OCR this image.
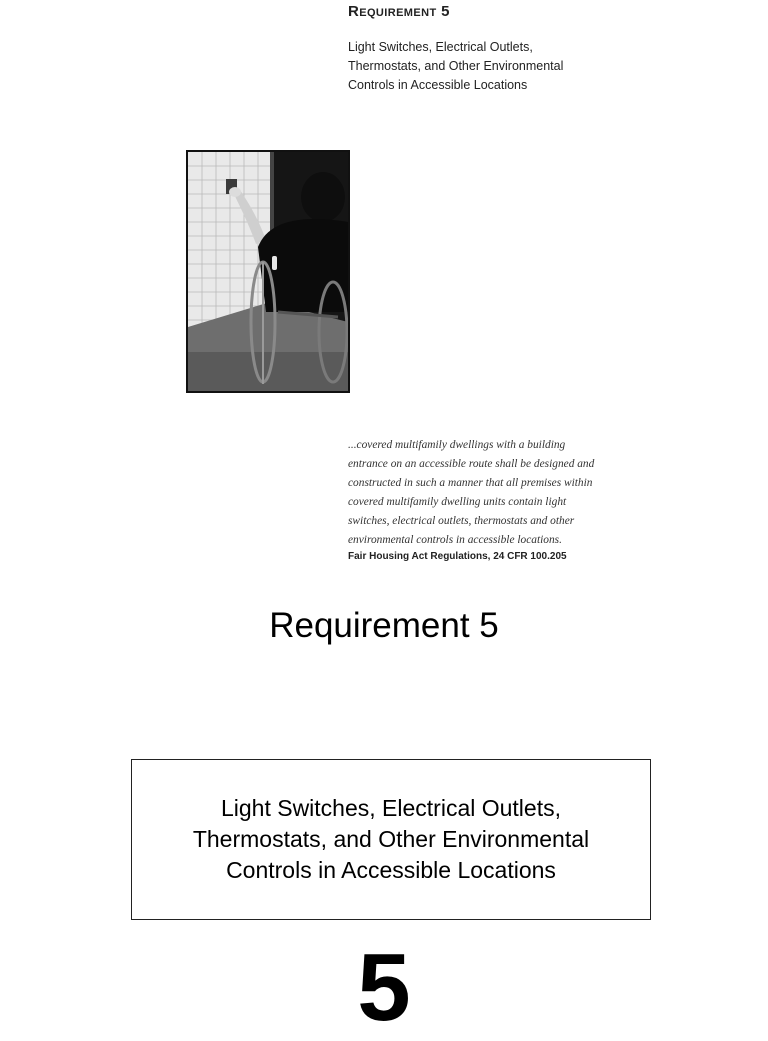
Requirement 5
Light Switches, Electrical Outlets,
Thermostats, and Other Environmental
Controls in Accessible Locations
...covered multifamily dwellings with a building
entrance on an accessible route shall be designed and
constructed in such a manner that all premises within
covered multifamily dwelling units contain light
switches, electrical outlets, thermostats and other
environmental controls in accessible locations.
Fair Housing Act Regulations, 24 CFR 100.205
Requirement 5
Light Switches, Electrical Outlets,
Thermostats, and Other Environmental
Controls in Accessible Locations
5
